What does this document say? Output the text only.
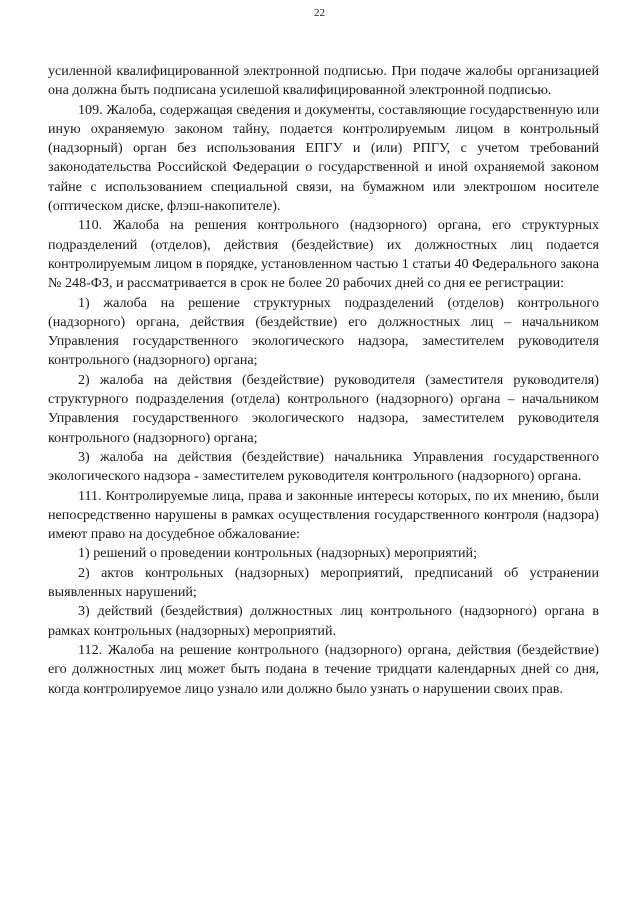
22

усиленной квалифицированной электронной подписью. При подаче жалобы организацией она должна быть подписана усилешой квалифицированной электронной подписью.

109. Жалоба, содержащая сведения и документы, составляющие государственную или иную охраняемую законом тайну, подается контролируемым лицом в контрольный (надзорный) орган без использования ЕПГУ и (или) РПГУ, с учетом требований законодательства Российской Федерации о государственной и иной охраняемой законом тайне с использованием специальной связи, на бумажном или электрошом носителе (оптическом диске, флэш-накопителе).

110. Жалоба на решения контрольного (надзорного) органа, его структурных подразделений (отделов), действия (бездействие) их должностных лиц подается контролируемым лицом в порядке, установленном частью 1 статьи 40 Федерального закона № 248-ФЗ, и рассматривается в срок не более 20 рабочих дней со дня ее регистрации:

1) жалоба на решение структурных подразделений (отделов) контрольного (надзорного) органа, действия (бездействие) его должностных лиц – начальником Управления государственного экологического надзора, заместителем руководителя контрольного (надзорного) органа;

2) жалоба на действия (бездействие) руководителя (заместителя руководителя) структурного подразделения (отдела) контрольного (надзорного) органа – начальником Управления государственного экологического надзора, заместителем руководителя контрольного (надзорного) органа;

3) жалоба на действия (бездействие) начальника Управления государственного экологического надзора - заместителем руководителя контрольного (надзорного) органа.

111. Контролируемые лица, права и законные интересы которых, по их мнению, были непосредственно нарушены в рамках осуществления государственного контроля (надзора) имеют право на досудебное обжалование:

1) решений о проведении контрольных (надзорных) мероприятий;

2) актов контрольных (надзорных) мероприятий, предписаний об устранении выявленных нарушений;

3) действий (бездействия) должностных лиц контрольного (надзорного) органа в рамках контрольных (надзорных) мероприятий.

112. Жалоба на решение контрольного (надзорного) органа, действия (бездействие) его должностных лиц может быть подана в течение тридцати календарных дней со дня, когда контролируемое лицо узнало или должно было узнать о нарушении своих прав.
